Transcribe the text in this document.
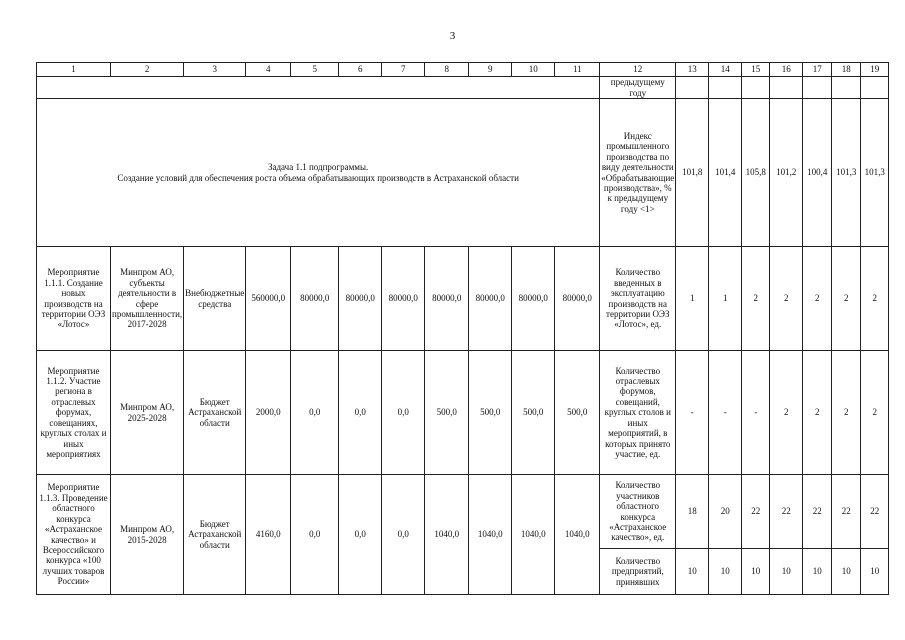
3
1	2	3	4	5	6	7	8	9	10	11	12	13	14	15	16	17	18	19
											предыдущему году							

Задача 1.1 подпрограммы.
Создание условий для обеспечения роста объема обрабатывающих производств в Астраханской области											Индекс промышленного производства по виду деятельности «Обрабатывающие производства», % к предыдущему году <1>	101,8	101,4	105,8	101,2	100,4	101,3	101,3
Мероприятие 1.1.1. Создание новых производств на территории ОЭЗ «Лотос»	Минпром АО, субъекты деятельности в сфере промышленности, 2017-2028	Внебюджетные средства	560000,0	80000,0	80000,0	80000,0	80000,0	80000,0	80000,0	80000,0	Количество введенных в эксплуатацию производств на территории ОЭЗ «Лотос», ед.	1	1	2	2	2	2	2
Мероприятие 1.1.2. Участие региона в отраслевых форумах, совещаниях, круглых столах и иных мероприятиях	Минпром АО, 2025-2028	Бюджет Астраханской области	2000,0	0,0	0,0	0,0	500,0	500,0	500,0	500,0	Количество отраслевых форумов, совещаний, круглых столов и иных мероприятий, в которых принято участие, ед.	-	-	-	2	2	2	2
Мероприятие 1.1.3. Проведение областного конкурса «Астраханское качество» и Всероссийского конкурса «100 лучших товаров России»	Минпром АО, 2015-2028	Бюджет Астраханской области	4160,0	0,0	0,0	0,0	1040,0	1040,0	1040,0	1040,0	Количество участников областного конкурса «Астраханское качество», ед.	18	20	22	22	22	22	22
											Количество предприятий, принявших	10	10	10	10	10	10	10
